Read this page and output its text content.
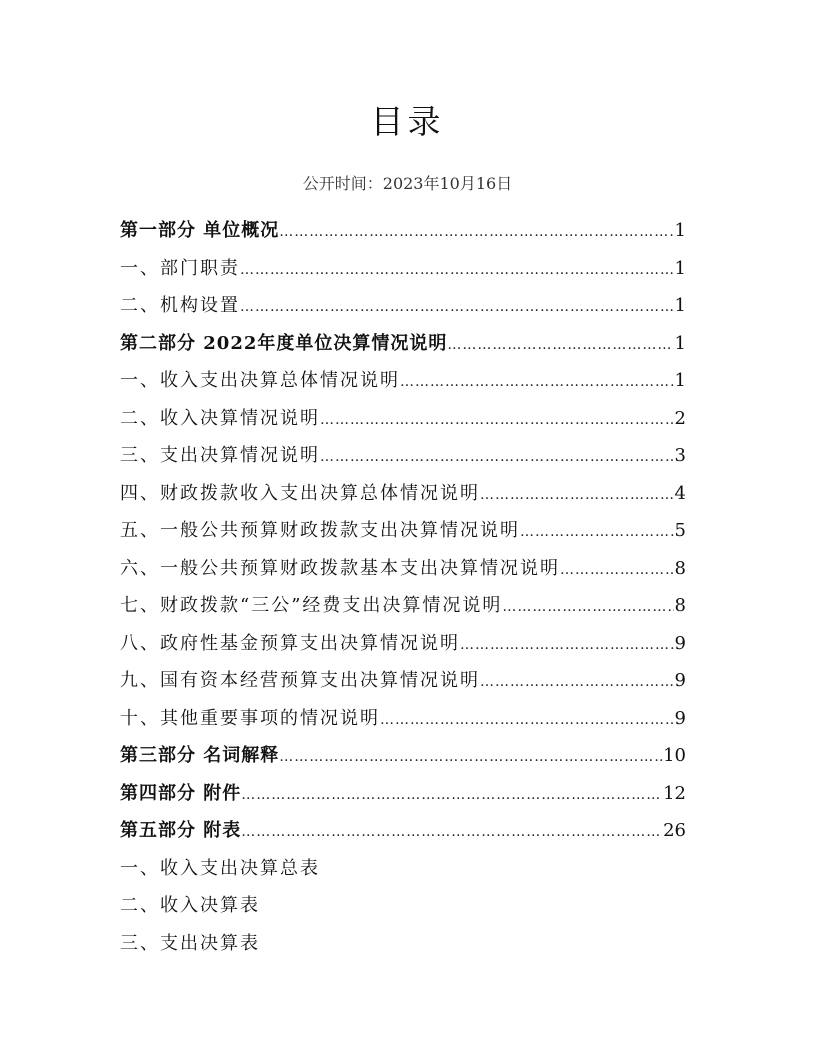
目录
公开时间：2023年10月16日
第一部分 单位概况 …………………………………………………………………………………………………………………………………………	1
一、部门职责 …………………………………………………………………………………………………………………………………………	1
二、机构设置 …………………………………………………………………………………………………………………………………………	1
第二部分 2022年度单位决算情况说明 …………………………………………………………………………………………………………………………………………	1
一、收入支出决算总体情况说明 …………………………………………………………………………………………………………………………………………	1
二、收入决算情况说明 …………………………………………………………………………………………………………………………………………	2
三、支出决算情况说明 …………………………………………………………………………………………………………………………………………	3
四、财政拨款收入支出决算总体情况说明 …………………………………………………………………………………………………………………………………………	4
五、一般公共预算财政拨款支出决算情况说明 …………………………………………………………………………………………………………………………………………	5
六、一般公共预算财政拨款基本支出决算情况说明 …………………………………………………………………………………………………………………………………………	8
七、财政拨款“三公”经费支出决算情况说明 …………………………………………………………………………………………………………………………………………	8
八、政府性基金预算支出决算情况说明 …………………………………………………………………………………………………………………………………………	9
九、国有资本经营预算支出决算情况说明 …………………………………………………………………………………………………………………………………………	9
十、其他重要事项的情况说明 …………………………………………………………………………………………………………………………………………	9
第三部分 名词解释 …………………………………………………………………………………………………………………………………………	10
第四部分 附件 …………………………………………………………………………………………………………………………………………	12
第五部分 附表 …………………………………………………………………………………………………………………………………………	26
一、收入支出决算总表
二、收入决算表
三、支出决算表
